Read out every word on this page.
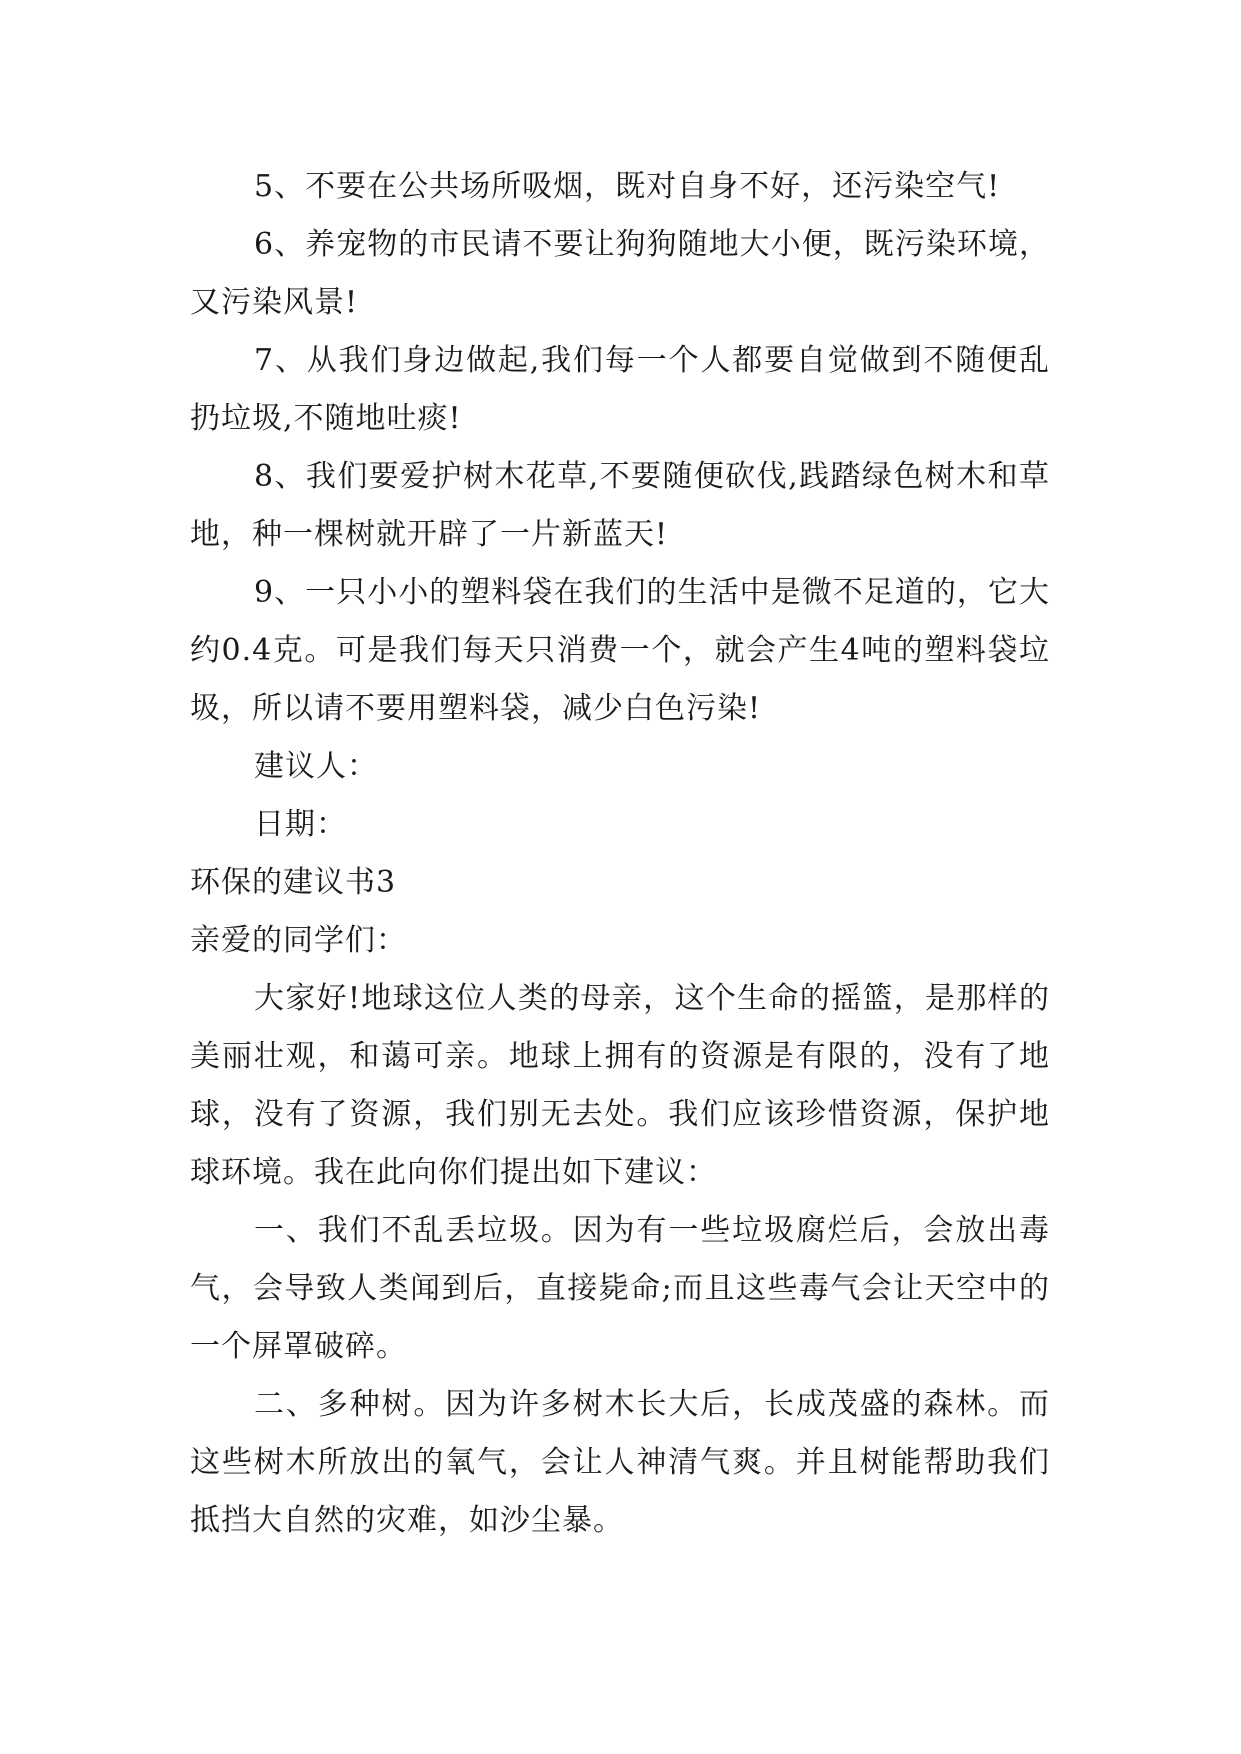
5、不要在公共场所吸烟，既对自身不好，还污染空气!

6、养宠物的市民请不要让狗狗随地大小便，既污染环境，又污染风景!

7、从我们身边做起,我们每一个人都要自觉做到不随便乱扔垃圾,不随地吐痰!

8、我们要爱护树木花草,不要随便砍伐,践踏绿色树木和草地，种一棵树就开辟了一片新蓝天!

9、一只小小的塑料袋在我们的生活中是微不足道的，它大约0.4克。可是我们每天只消费一个，就会产生4吨的塑料袋垃圾，所以请不要用塑料袋，减少白色污染!

建议人：

日期：

环保的建议书3

亲爱的同学们：

大家好!地球这位人类的母亲，这个生命的摇篮，是那样的美丽壮观，和蔼可亲。地球上拥有的资源是有限的，没有了地球，没有了资源，我们别无去处。我们应该珍惜资源，保护地球环境。我在此向你们提出如下建议：

一、我们不乱丢垃圾。因为有一些垃圾腐烂后，会放出毒气，会导致人类闻到后，直接毙命;而且这些毒气会让天空中的一个屏罩破碎。

二、多种树。因为许多树木长大后，长成茂盛的森林。而这些树木所放出的氧气，会让人神清气爽。并且树能帮助我们抵挡大自然的灾难，如沙尘暴。
